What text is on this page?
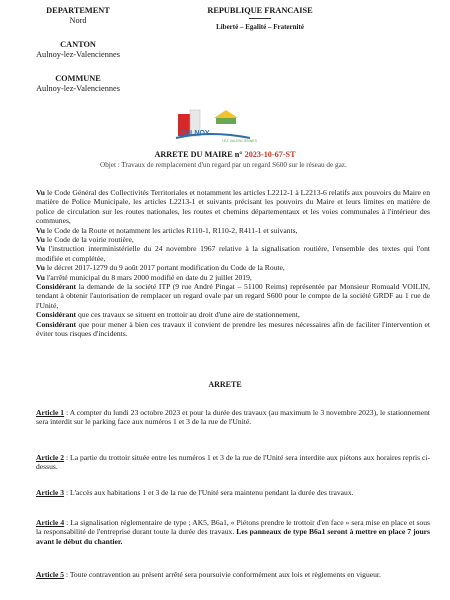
DEPARTEMENT
Nord
CANTON
Aulnoy-lez-Valenciennes
COMMUNE
Aulnoy-lez-Valenciennes
REPUBLIQUE FRANCAISE
Liberté – Egalité – Fraternité
AULNOY
LEZ VALENCIENNES
ARRETE DU MAIRE n° 2023-10-67-ST
Objet : Travaux de remplacement d'un regard par un regard S600 sur le réseau de gaz.

Vu le Code Général des Collectivités Territoriales et notamment les articles L2212-1 à L2213-6 relatifs aux pouvoirs du Maire en matière de Police Municipale, les articles L2213-1 et suivants précisant les pouvoirs du Maire et leurs limites en matière de police de circulation sur les routes nationales, les routes et chemins départementaux et les voies communales à l'intérieur des communes,

Vu le Code de la Route et notamment les articles R110-1, R110-2, R411-1 et suivants,

Vu le Code de la voirie routière,

Vu l'instruction interministérielle du 24 novembre 1967 relative à la signalisation routière, l'ensemble des textes qui l'ont modifiée et complétée,

Vu le décret 2017-1279 du 9 août 2017 portant modification du Code de la Route,

Vu l'arrêté municipal du 8 mars 2000 modifié en date du 2 juillet 2019,

Considérant la demande de la société ITP (9 rue André Pingat – 51100 Reims) représentée par Monsieur Romuald VOILIN, tendant à obtenir l'autorisation de remplacer un regard ovale par un regard S600 pour le compte de la société GRDF au 1 rue de l'Unité,

Considérant que ces travaux se situent en trottoir au droit d'une aire de stationnement,

Considérant que pour mener à bien ces travaux il convient de prendre les mesures nécessaires afin de faciliter l'intervention et éviter tous risques d'incidents.

ARRETE

Article 1 : A compter du lundi 23 octobre 2023 et pour la durée des travaux (au maximum le 3 novembre 2023), le stationnement sera interdit sur le parking face aux numéros 1 et 3 de la rue de l'Unité.

Article 2 : La partie du trottoir située entre les numéros 1 et 3 de la rue de l'Unité sera interdite aux piétons aux horaires repris ci-dessus.

Article 3 : L'accès aux habitations 1 et 3 de la rue de l'Unité sera maintenu pendant la durée des travaux.

Article 4 : La signalisation réglementaire de type ; AK5, B6a1, « Piétons prendre le trottoir d'en face » sera mise en place et sous la responsabilité de l'entreprise durant toute la durée des travaux. Les panneaux de type B6a1 seront à mettre en place 7 jours avant le début du chantier.

Article 5 : Toute contravention au présent arrêté sera poursuivie conformément aux lois et règlements en vigueur.
